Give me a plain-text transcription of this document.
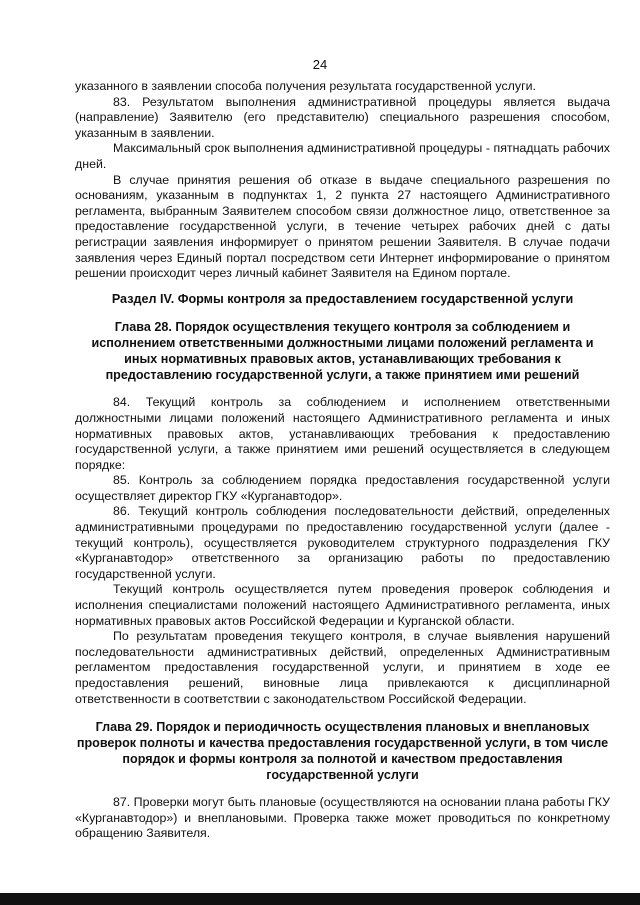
24

указанного в заявлении способа получения результата государственной услуги.

83. Результатом выполнения административной процедуры является выдача (направление) Заявителю (его представителю) специального разрешения способом, указанным в заявлении.

Максимальный срок выполнения административной процедуры - пятнадцать рабочих дней.

В случае принятия решения об отказе в выдаче специального разрешения по основаниям, указанным в подпунктах 1, 2 пункта 27 настоящего Административного регламента, выбранным Заявителем способом связи должностное лицо, ответственное за предоставление государственной услуги, в течение четырех рабочих дней с даты регистрации заявления информирует о принятом решении Заявителя. В случае подачи заявления через Единый портал посредством сети Интернет информирование о принятом решении происходит через личный кабинет Заявителя на Едином портале.

Раздел IV. Формы контроля за предоставлением государственной услуги
Глава 28. Порядок осуществления текущего контроля за соблюдением и исполнением ответственными должностными лицами положений регламента и иных нормативных правовых актов, устанавливающих требования к предоставлению государственной услуги, а также принятием ими решений

84. Текущий контроль за соблюдением и исполнением ответственными должностными лицами положений настоящего Административного регламента и иных нормативных правовых актов, устанавливающих требования к предоставлению государственной услуги, а также принятием ими решений осуществляется в следующем порядке:

85. Контроль за соблюдением порядка предоставления государственной услуги осуществляет директор ГКУ «Курганавтодор».

86. Текущий контроль соблюдения последовательности действий, определенных административными процедурами по предоставлению государственной услуги (далее - текущий контроль), осуществляется руководителем структурного подразделения ГКУ «Курганавтодор» ответственного за организацию работы по предоставлению государственной услуги.

Текущий контроль осуществляется путем проведения проверок соблюдения и исполнения специалистами положений настоящего Административного регламента, иных нормативных правовых актов Российской Федерации и Курганской области.

По результатам проведения текущего контроля, в случае выявления нарушений последовательности административных действий, определенных Административным регламентом предоставления государственной услуги, и принятием в ходе ее предоставления решений, виновные лица привлекаются к дисциплинарной ответственности в соответствии с законодательством Российской Федерации.

Глава 29. Порядок и периодичность осуществления плановых и внеплановых проверок полноты и качества предоставления государственной услуги, в том числе порядок и формы контроля за полнотой и качеством предоставления государственной услуги

87. Проверки могут быть плановые (осуществляются на основании плана работы ГКУ «Курганавтодор») и внеплановыми. Проверка также может проводиться по конкретному обращению Заявителя.
